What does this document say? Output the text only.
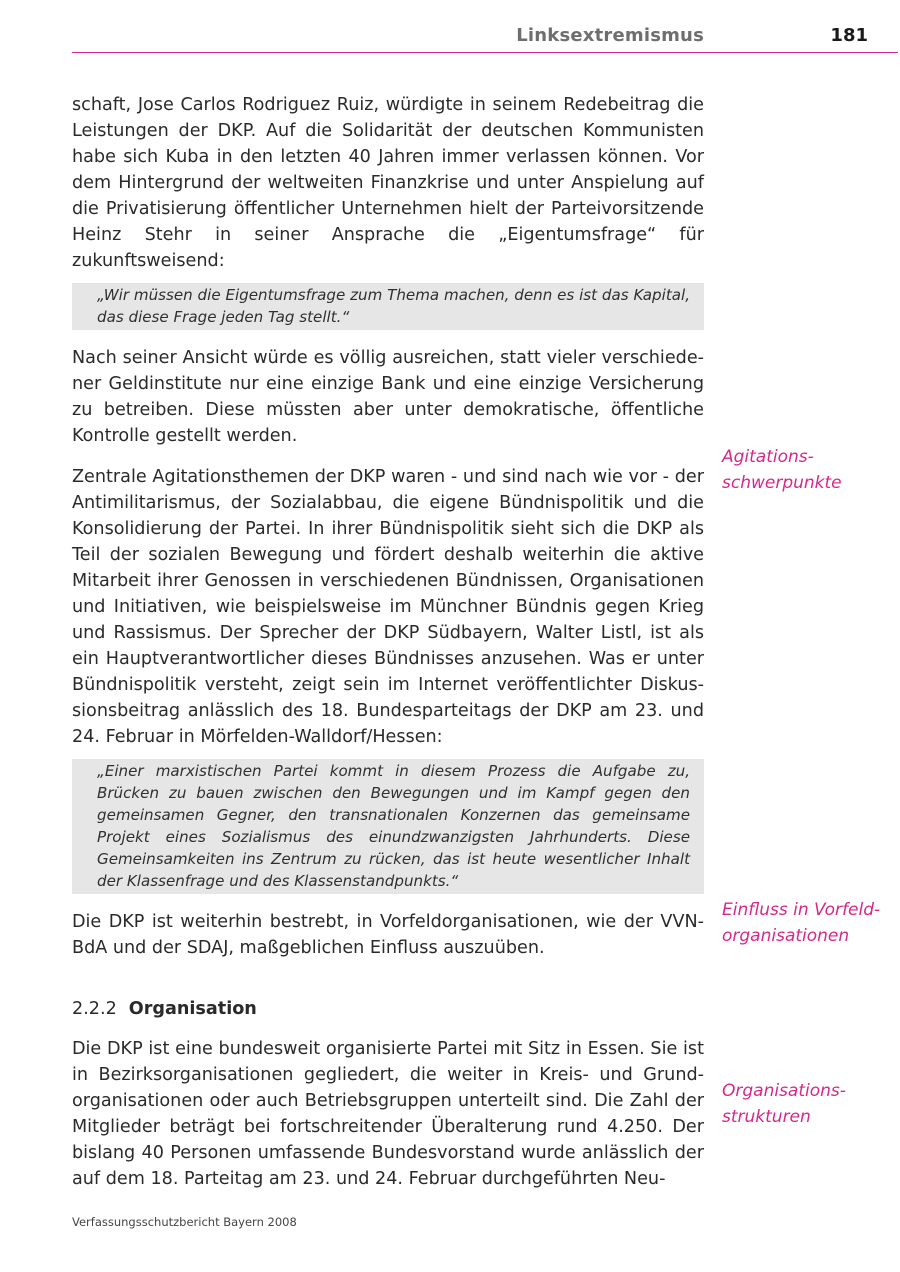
Linksextremismus	181

schaft, Jose Carlos Rodriguez Ruiz, würdigte in seinem Redebeitrag die Leistungen der DKP. Auf die Solidarität der deutschen Kommunisten habe sich Kuba in den letzten 40 Jahren immer verlassen können. Vor dem Hintergrund der weltweiten Finanzkrise und unter Anspielung auf die Privatisierung öffentlicher Unternehmen hielt der Parteivorsitzende Heinz Stehr in seiner Ansprache die „Eigentumsfrage“ für zukunftsweisend:

„Wir müssen die Eigentumsfrage zum Thema machen, denn es ist das Kapital, das diese Frage jeden Tag stellt.“

Nach seiner Ansicht würde es völlig ausreichen, statt vieler verschiedener Geldinstitute nur eine einzige Bank und eine einzige Versicherung zu betreiben. Diese müssten aber unter demokratische, öffentliche Kontrolle gestellt werden.

Zentrale Agitationsthemen der DKP waren - und sind nach wie vor - der Antimilitarismus, der Sozialabbau, die eigene Bündnispolitik und die Konsolidierung der Partei. In ihrer Bündnispolitik sieht sich die DKP als Teil der sozialen Bewegung und fördert deshalb weiterhin die aktive Mitarbeit ihrer Genossen in verschiedenen Bündnissen, Organisationen und Initiativen, wie beispielsweise im Münchner Bündnis gegen Krieg und Rassismus. Der Sprecher der DKP Südbayern, Walter Listl, ist als ein Hauptverantwortlicher dieses Bündnisses anzusehen. Was er unter Bündnispolitik versteht, zeigt sein im Internet veröffentlichter Diskussionsbeitrag anlässlich des 18. Bundesparteitags der DKP am 23. und 24. Februar in Mörfelden-Walldorf/Hessen:

„Einer marxistischen Partei kommt in diesem Prozess die Aufgabe zu, Brücken zu bauen zwischen den Bewegungen und im Kampf gegen den gemeinsamen Gegner, den transnationalen Konzernen das gemeinsame Projekt eines Sozialismus des einundzwanzigsten Jahrhunderts. Diese Gemeinsamkeiten ins Zentrum zu rücken, das ist heute wesentlicher Inhalt der Klassenfrage und des Klassenstandpunkts.“

Die DKP ist weiterhin bestrebt, in Vorfeldorganisationen, wie der VVN-BdA und der SDAJ, maßgeblichen Einfluss auszuüben.

2.2.2 Organisation

Die DKP ist eine bundesweit organisierte Partei mit Sitz in Essen. Sie ist in Bezirksorganisationen gegliedert, die weiter in Kreis- und Grundorganisationen oder auch Betriebsgruppen unterteilt sind. Die Zahl der Mitglieder beträgt bei fortschreitender Überalterung rund 4.250. Der bislang 40 Personen umfassende Bundesvorstand wurde anlässlich der auf dem 18. Parteitag am 23. und 24. Februar durchgeführten Neu-

Agitations-
schwerpunkte
Einfluss in Vorfeld-
organisationen
Organisations-
strukturen
Verfassungsschutzbericht Bayern 2008
